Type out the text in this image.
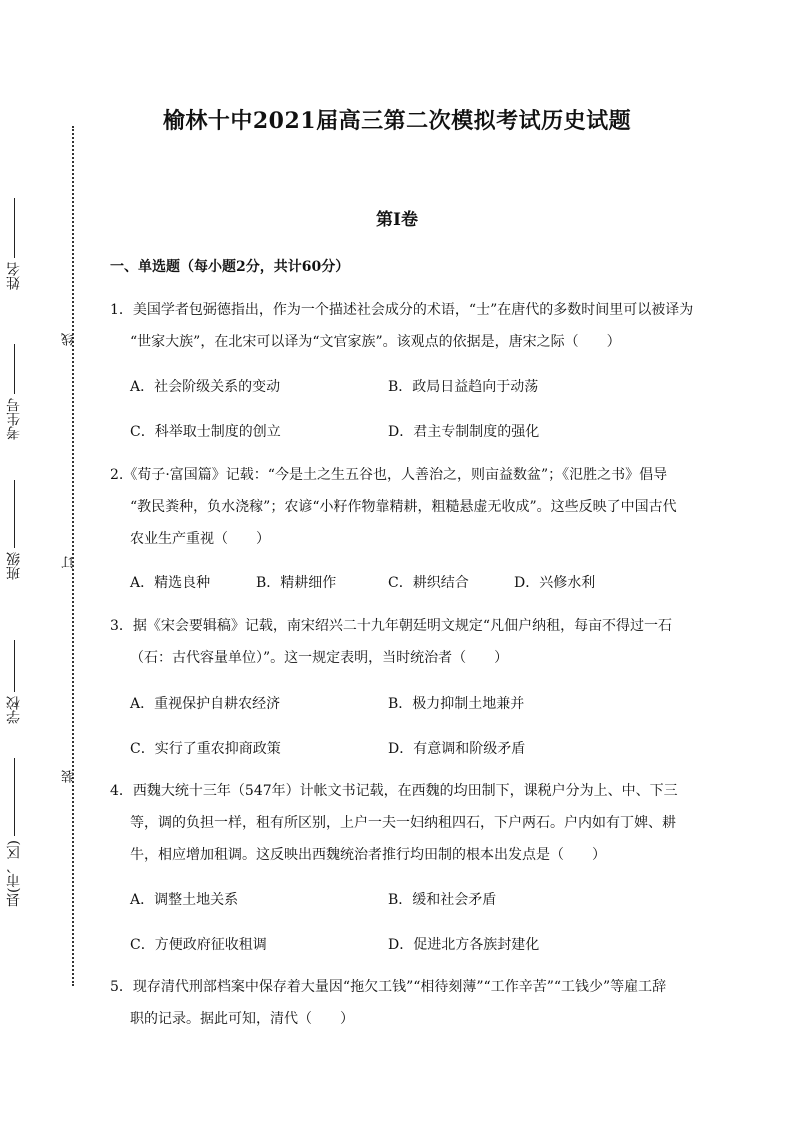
姓名
考生号
班级
学校
县(市、区)
线
订
装
榆林十中2021届高三第二次模拟考试历史试题
第I卷
一、单选题（每小题2分，共计60分）
1．美国学者包弼德指出，作为一个描述社会成分的术语，“士”在唐代的多数时间里可以被译为
“世家大族”，在北宋可以译为“文官家族”。该观点的依据是，唐宋之际（　　）
A．社会阶级关系的变动	B．政局日益趋向于动荡
C．科举取士制度的创立	D．君主专制制度的强化
2.《荀子·富国篇》记载：“今是土之生五谷也，人善治之，则亩益数盆”；《氾胜之书》倡导
“教民粪种，负水浇稼”；农谚“小籽作物靠精耕，粗糙悬虚无收成”。这些反映了中国古代
农业生产重视（　　）
A．精选良种	B．精耕细作	C．耕织结合	D．兴修水利
3．据《宋会要辑稿》记载，南宋绍兴二十九年朝廷明文规定“凡佃户纳租，每亩不得过一石
（石：古代容量单位）”。这一规定表明，当时统治者（　　）
A．重视保护自耕农经济	B．极力抑制土地兼并
C．实行了重农抑商政策	D．有意调和阶级矛盾
4．西魏大统十三年（547年）计帐文书记载，在西魏的均田制下，课税户分为上、中、下三
等，调的负担一样，租有所区别，上户一夫一妇纳租四石，下户两石。户内如有丁婢、耕
牛，相应增加租调。这反映出西魏统治者推行均田制的根本出发点是（　　）
A．调整土地关系	B．缓和社会矛盾
C．方便政府征收租调	D．促进北方各族封建化
5．现存清代刑部档案中保存着大量因“拖欠工钱”“相待刻薄”“工作辛苦”“工钱少”等雇工辞
职的记录。据此可知，清代（　　）
